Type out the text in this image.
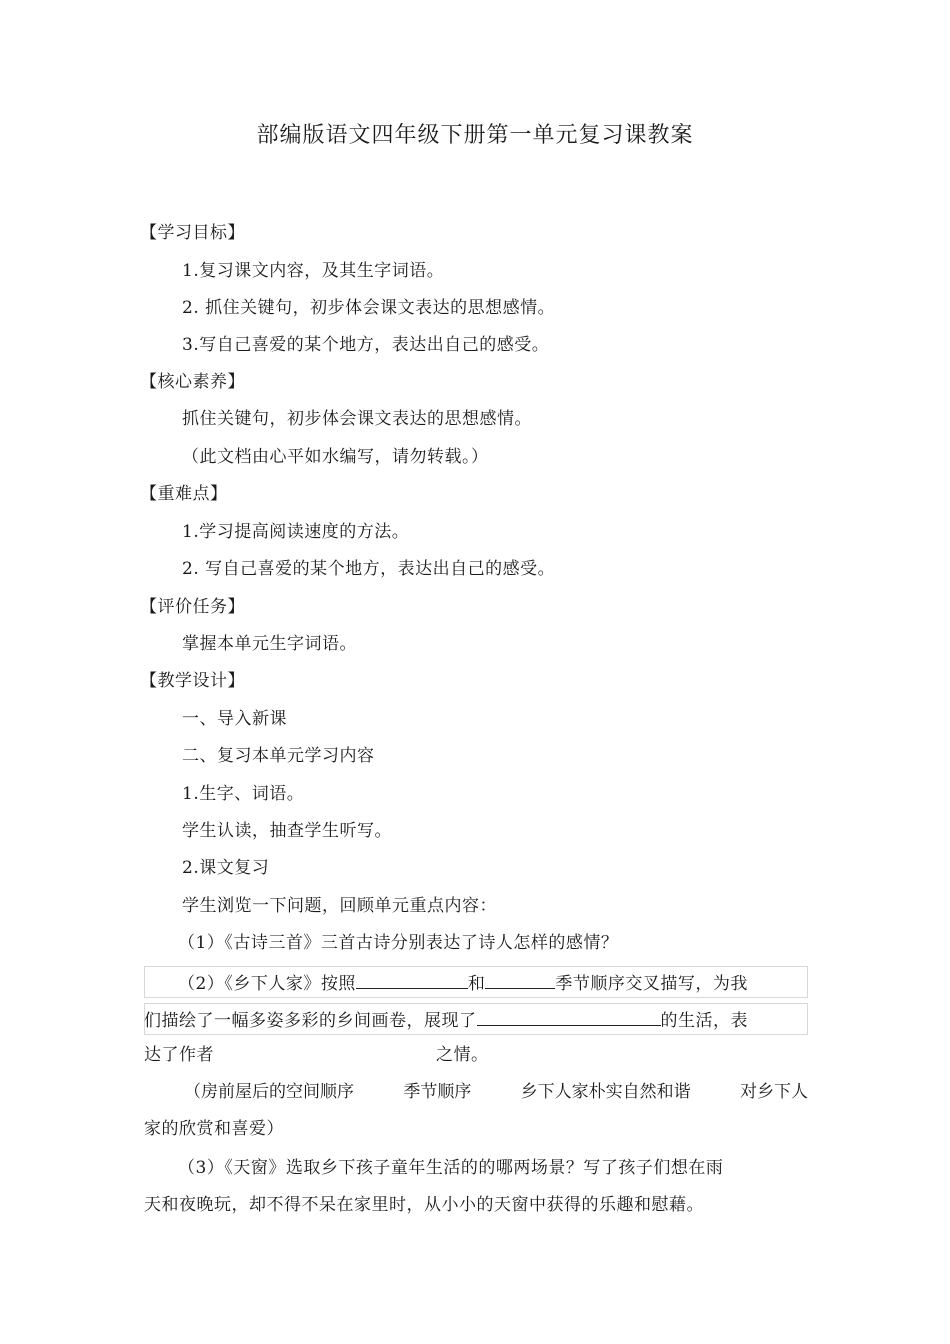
部编版语文四年级下册第一单元复习课教案
【学习目标】
1.复习课文内容，及其生字词语。
2. 抓住关键句，初步体会课文表达的思想感情。
3.写自己喜爱的某个地方，表达出自己的感受。
【核心素养】
抓住关键句，初步体会课文表达的思想感情。
（此文档由心平如水编写，请勿转载。）
【重难点】
1.学习提高阅读速度的方法。
2. 写自己喜爱的某个地方，表达出自己的感受。
【评价任务】
掌握本单元生字词语。
【教学设计】
一、导入新课
二、复习本单元学习内容
1.生字、词语。
学生认读，抽查学生听写。
2.课文复习
学生浏览一下问题，回顾单元重点内容：
（1）《古诗三首》三首古诗分别表达了诗人怎样的感情？
（2）《乡下人家》按照	和	季节顺序交叉描写，为我
们描绘了一幅多姿多彩的乡间画卷，展现了	的生活，表
达了作者	之情。
（房前屋后的空间顺序	季节顺序	乡下人家朴实自然和谐	对乡下人
家的欣赏和喜爱）
（3）《天窗》选取乡下孩子童年生活的的哪两场景？写了孩子们想在雨
天和夜晚玩，却不得不呆在家里时，从小小的天窗中获得的乐趣和慰藉。
